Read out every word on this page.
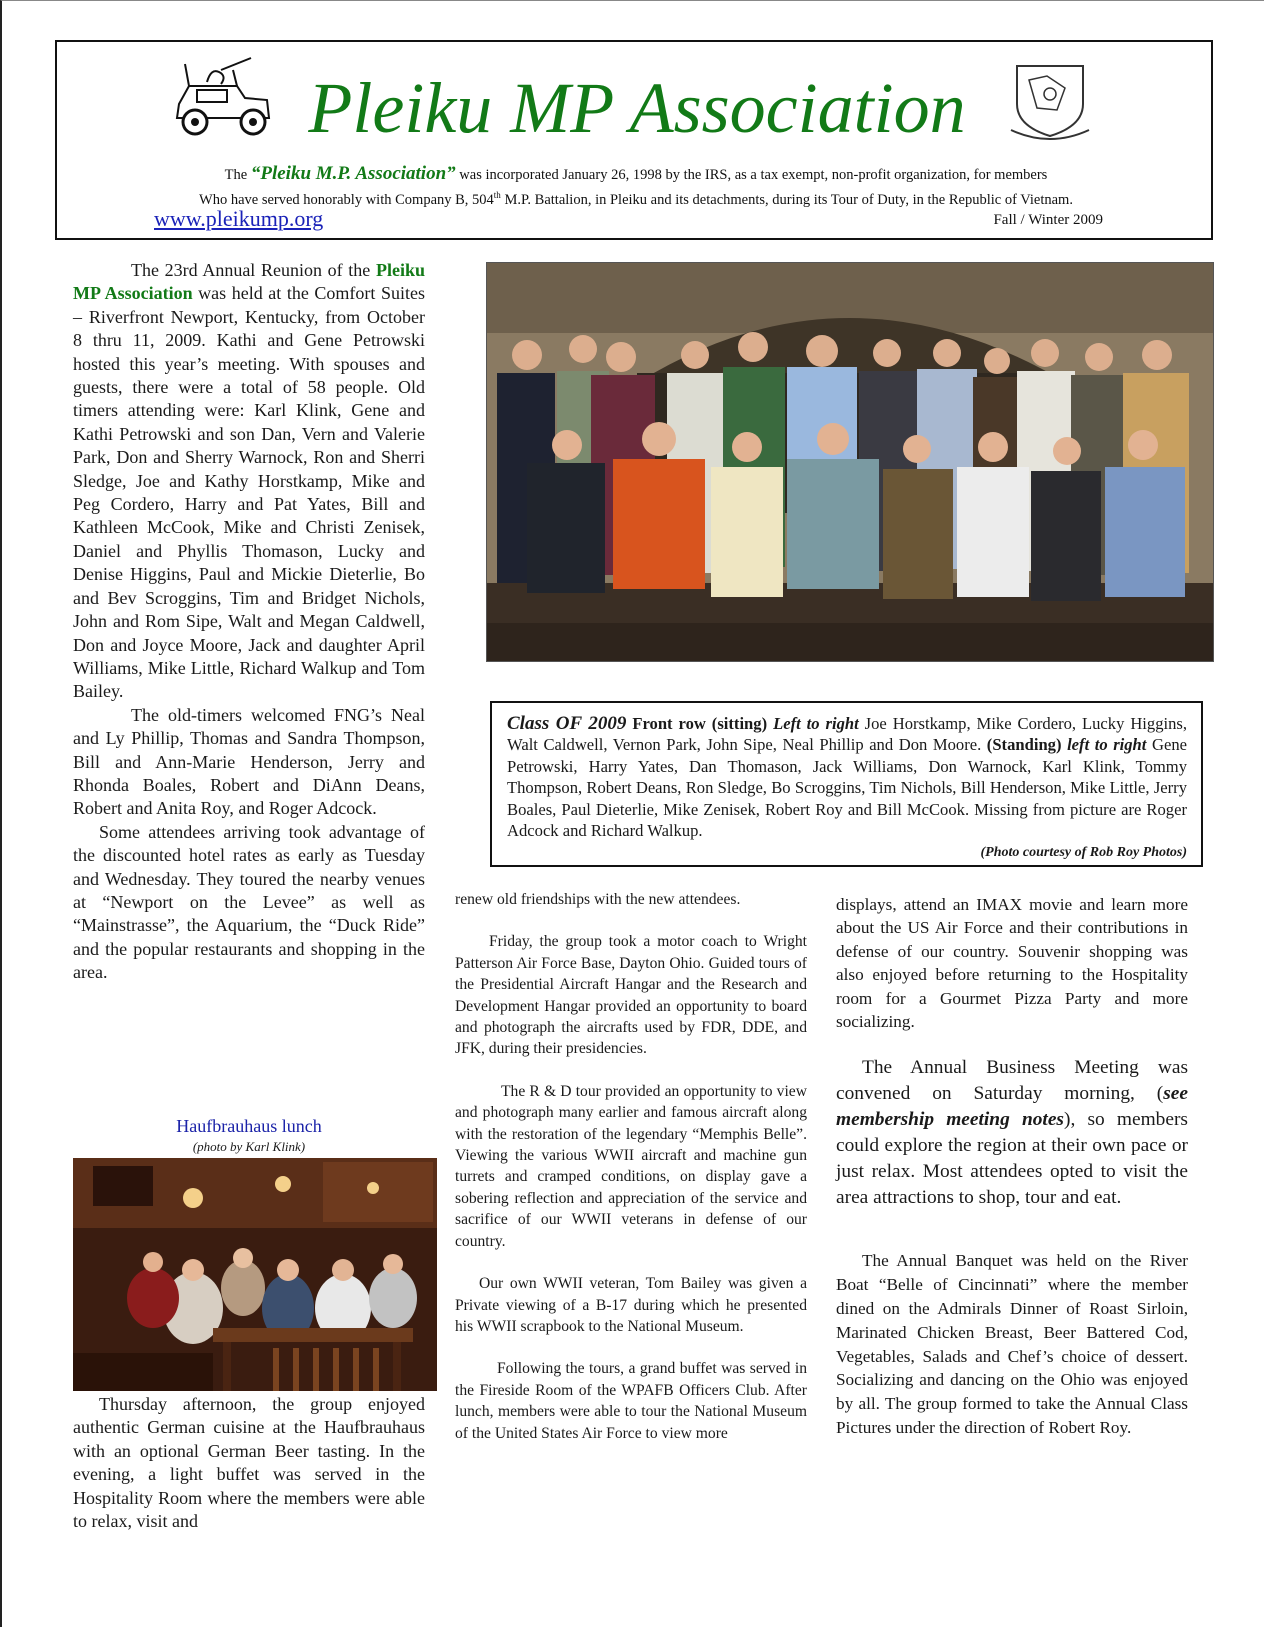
Pleiku MP Association
The “Pleiku M.P. Association” was incorporated January 26, 1998 by the IRS, as a tax exempt, non-profit organization, for members
Who have served honorably with Company B, 504th M.P. Battalion, in Pleiku and its detachments, during its Tour of Duty, in the Republic of Vietnam.
www.pleikump.org	Fall / Winter 2009

The 23rd Annual Reunion of the Pleiku MP Association was held at the Comfort Suites – Riverfront Newport, Kentucky, from October 8 thru 11, 2009. Kathi and Gene Petrowski hosted this year’s meeting. With spouses and guests, there were a total of 58 people. Old timers attending were: Karl Klink, Gene and Kathi Petrowski and son Dan, Vern and Valerie Park, Don and Sherry Warnock, Ron and Sherri Sledge, Joe and Kathy Horstkamp, Mike and Peg Cordero, Harry and Pat Yates, Bill and Kathleen McCook, Mike and Christi Zenisek, Daniel and Phyllis Thomason, Lucky and Denise Higgins, Paul and Mickie Dieterlie, Bo and Bev Scroggins, Tim and Bridget Nichols, John and Rom Sipe, Walt and Megan Caldwell, Don and Joyce Moore, Jack and daughter April Williams, Mike Little, Richard Walkup and Tom Bailey.

The old-timers welcomed FNG’s Neal and Ly Phillip, Thomas and Sandra Thompson, Bill and Ann-Marie Henderson, Jerry and Rhonda Boales, Robert and DiAnn Deans, Robert and Anita Roy, and Roger Adcock.

Some attendees arriving took advantage of the discounted hotel rates as early as Tuesday and Wednesday. They toured the nearby venues at “Newport on the Levee” as well as “Mainstrasse”, the Aquarium, the “Duck Ride” and the popular restaurants and shopping in the area.

Haufbrauhaus lunch
(photo by Karl Klink)

Thursday afternoon, the group enjoyed authentic German cuisine at the Haufbrauhaus with an optional German Beer tasting. In the evening, a light buffet was served in the Hospitality Room where the members were able to relax, visit and

Class OF 2009 Front row (sitting) Left to right Joe Horstkamp, Mike Cordero, Lucky Higgins, Walt Caldwell, Vernon Park, John Sipe, Neal Phillip and Don Moore. (Standing) left to right Gene Petrowski, Harry Yates, Dan Thomason, Jack Williams, Don Warnock, Karl Klink, Tommy Thompson, Robert Deans, Ron Sledge, Bo Scroggins, Tim Nichols, Bill Henderson, Mike Little, Jerry Boales, Paul Dieterlie, Mike Zenisek, Robert Roy and Bill McCook. Missing from picture are Roger Adcock and Richard Walkup.
(Photo courtesy of Rob Roy Photos)

renew old friendships with the new attendees.

Friday, the group took a motor coach to Wright Patterson Air Force Base, Dayton Ohio. Guided tours of the Presidential Aircraft Hangar and the Research and Development Hangar provided an opportunity to board and photograph the aircrafts used by FDR, DDE, and JFK, during their presidencies.

The R & D tour provided an opportunity to view and photograph many earlier and famous aircraft along with the restoration of the legendary “Memphis Belle”. Viewing the various WWII aircraft and machine gun turrets and cramped conditions, on display gave a sobering reflection and appreciation of the service and sacrifice of our WWII veterans in defense of our country.

Our own WWII veteran, Tom Bailey was given a Private viewing of a B-17 during which he presented his WWII scrapbook to the National Museum.

Following the tours, a grand buffet was served in the Fireside Room of the WPAFB Officers Club. After lunch, members were able to tour the National Museum of the United States Air Force to view more

displays, attend an IMAX movie and learn more about the US Air Force and their contributions in defense of our country. Souvenir shopping was also enjoyed before returning to the Hospitality room for a Gourmet Pizza Party and more socializing.

The Annual Business Meeting was convened on Saturday morning, (see membership meeting notes), so members could explore the region at their own pace or just relax. Most attendees opted to visit the area attractions to shop, tour and eat.

The Annual Banquet was held on the River Boat “Belle of Cincinnati” where the member dined on the Admirals Dinner of Roast Sirloin, Marinated Chicken Breast, Beer Battered Cod, Vegetables, Salads and Chef’s choice of dessert. Socializing and dancing on the Ohio was enjoyed by all. The group formed to take the Annual Class Pictures under the direction of Robert Roy.
